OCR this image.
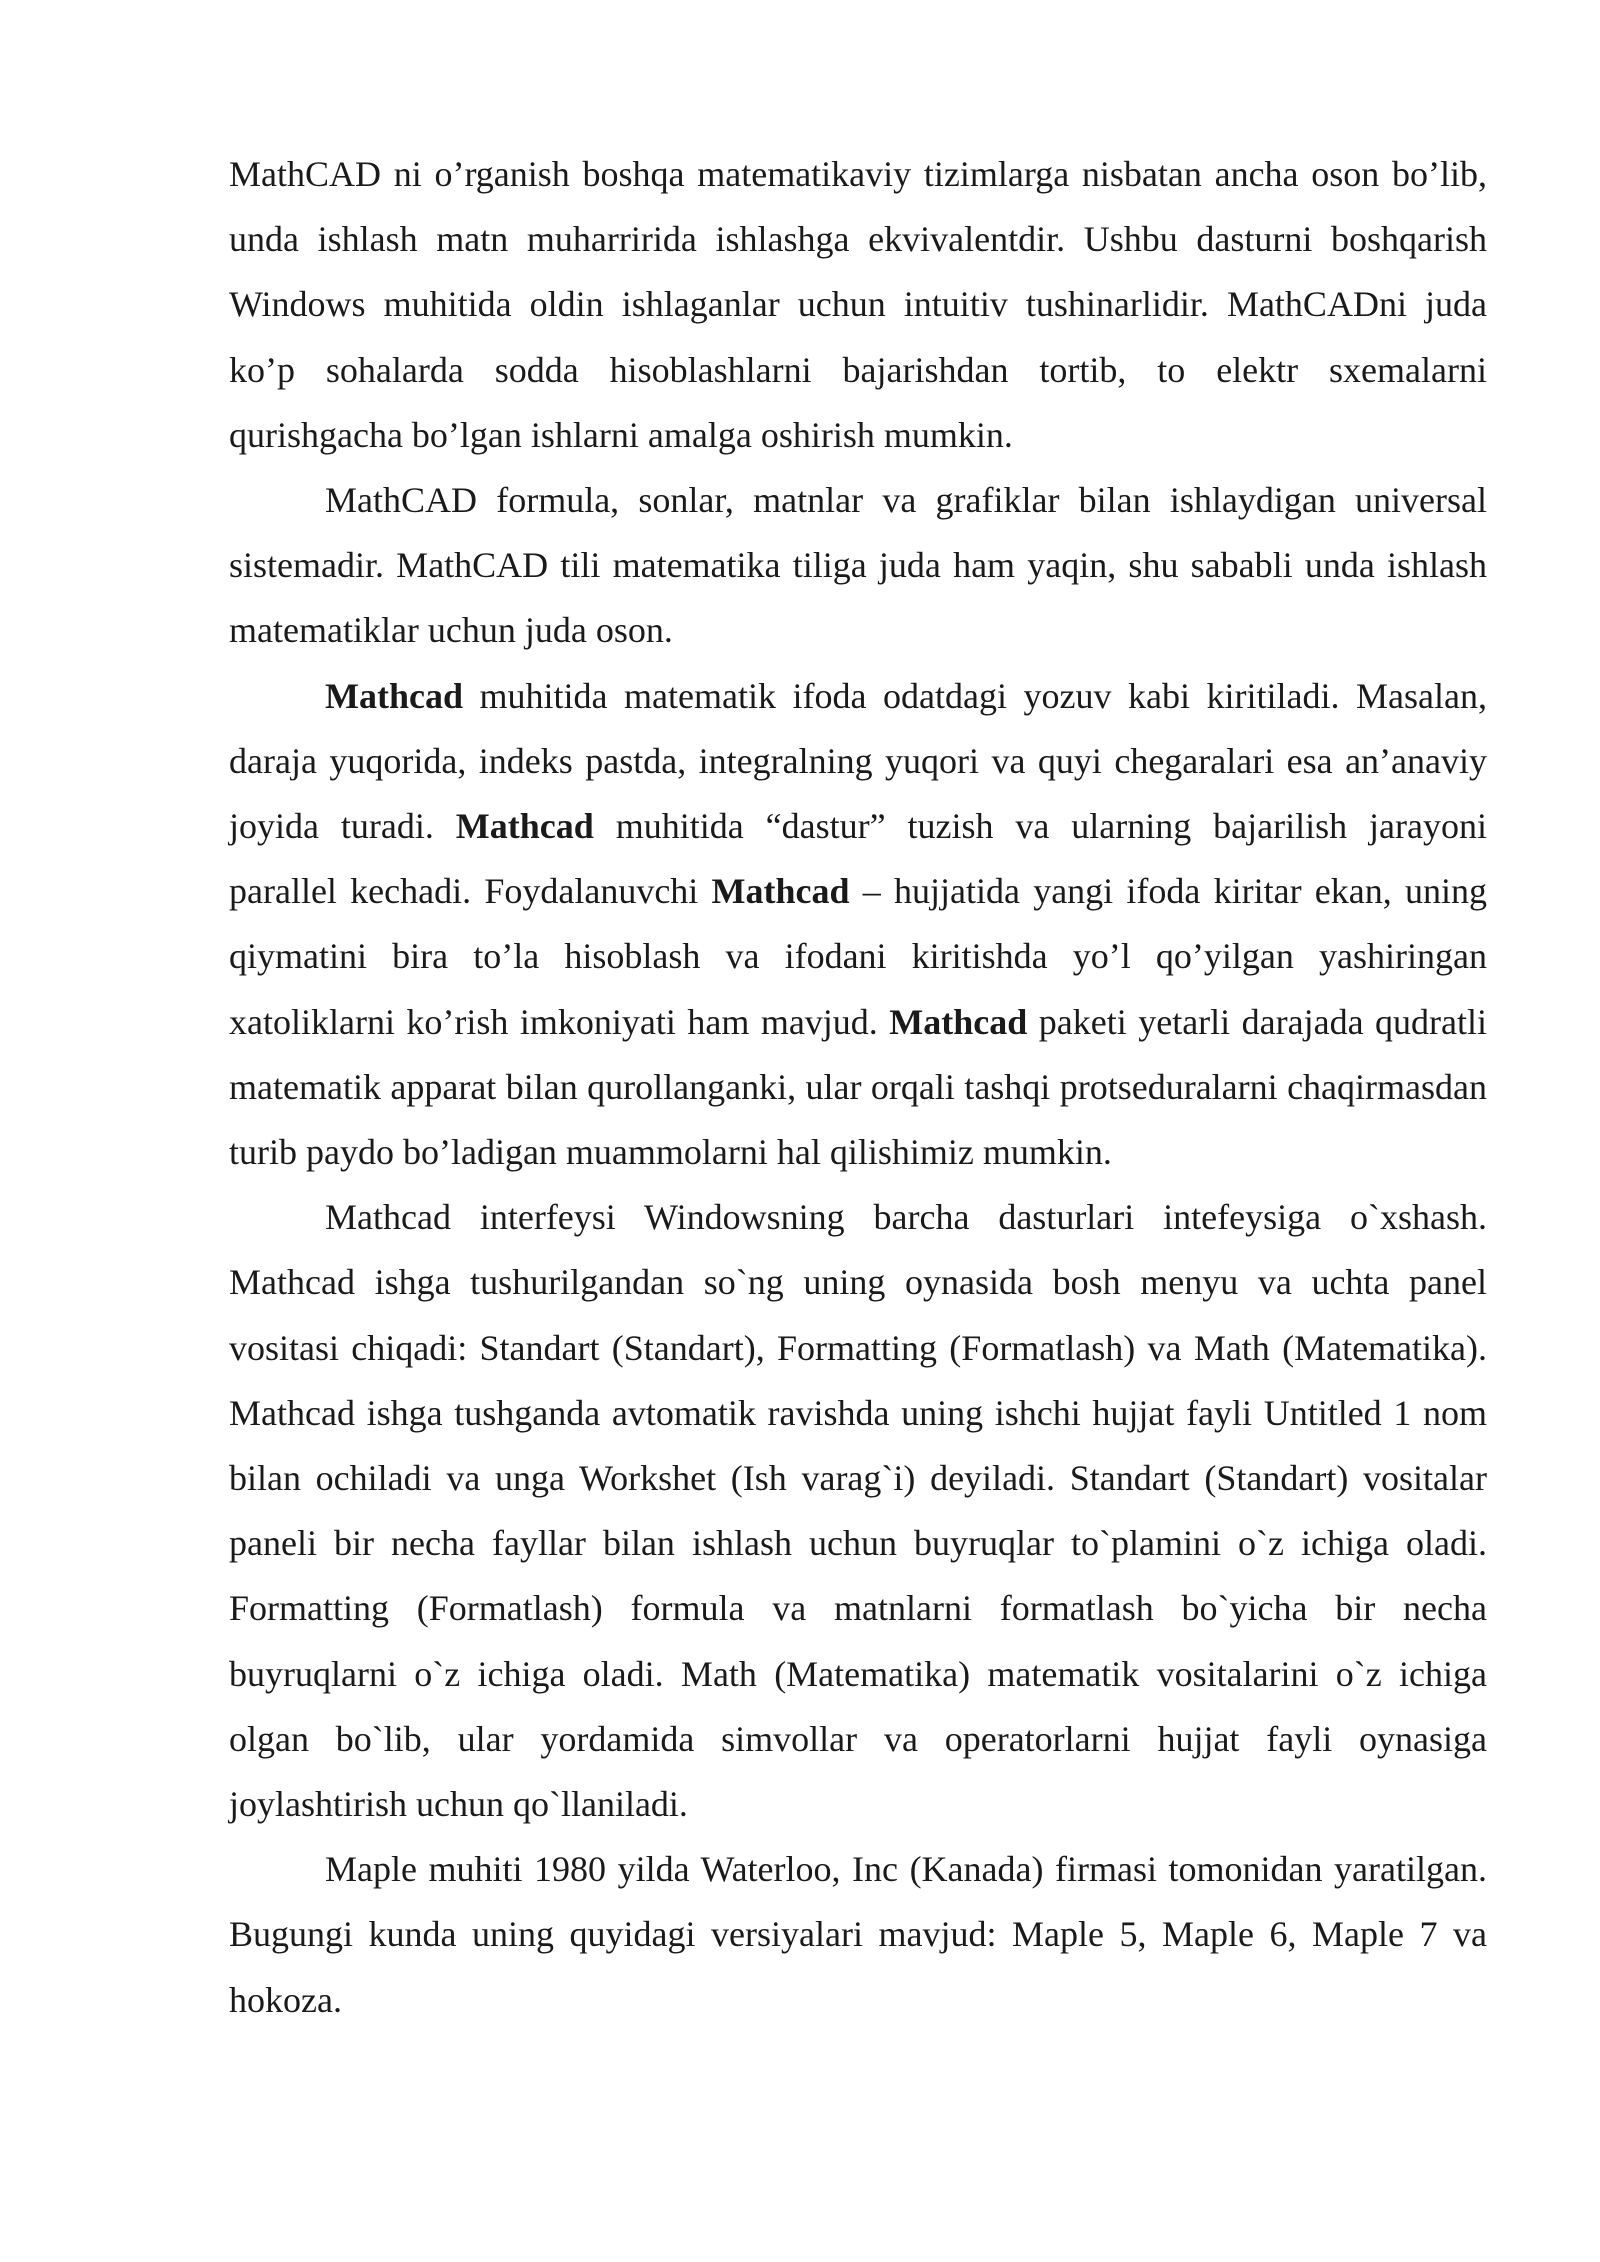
MathCAD ni o’rganish boshqa matematikaviy tizimlarga nisbatan ancha oson bo’lib, unda ishlash matn muharririda ishlashga ekvivalentdir. Ushbu dasturni boshqarish Windows muhitida oldin ishlaganlar uchun intuitiv tushinarlidir. MathCADni juda ko’p sohalarda sodda hisoblashlarni bajarishdan tortib, to elektr sxemalarni qurishgacha bo’lgan ishlarni amalga oshirish mumkin.

MathCAD formula, sonlar, matnlar va grafiklar bilan ishlaydigan universal sistemadir. MathCAD tili matematika tiliga juda ham yaqin, shu sababli unda ishlash matematiklar uchun juda oson.

Mathcad muhitida matematik ifoda odatdagi yozuv kabi kiritiladi. Masalan, daraja yuqorida, indeks pastda, integralning yuqori va quyi chegaralari esa an’anaviy joyida turadi. Mathcad muhitida “dastur” tuzish va ularning bajarilish jarayoni parallel kechadi. Foydalanuvchi Mathcad – hujjatida yangi ifoda kiritar ekan, uning qiymatini bira to’la hisoblash va ifodani kiritishda yo’l qo’yilgan yashiringan xatoliklarni ko’rish imkoniyati ham mavjud. Mathcad paketi yetarli darajada qudratli matematik apparat bilan qurollanganki, ular orqali tashqi protseduralarni chaqirmasdan turib paydo bo’ladigan muammolarni hal qilishimiz mumkin.

Mathcad interfeysi Windowsning barcha dasturlari intefeysiga o`xshash. Mathcad ishga tushurilgandan so`ng uning oynasida bosh menyu va uchta panel vositasi chiqadi: Standart (Standart), Formatting (Formatlash) va Math (Matematika). Mathcad ishga tushganda avtomatik ravishda uning ishchi hujjat fayli Untitled 1 nom bilan ochiladi va unga Workshet (Ish varag`i) deyiladi. Standart (Standart) vositalar paneli bir necha fayllar bilan ishlash uchun buyruqlar to`plamini o`z ichiga oladi. Formatting (Formatlash) formula va matnlarni formatlash bo`yicha bir necha buyruqlarni o`z ichiga oladi. Math (Matematika) matematik vositalarini o`z ichiga olgan bo`lib, ular yordamida simvollar va operatorlarni hujjat fayli oynasiga joylashtirish uchun qo`llaniladi.

Maple muhiti 1980 yilda Waterloo, Inc (Kanada) firmasi tomonidan yaratilgan. Bugungi kunda uning quyidagi versiyalari mavjud: Maple 5, Maple 6, Maple 7 va hokoza.
